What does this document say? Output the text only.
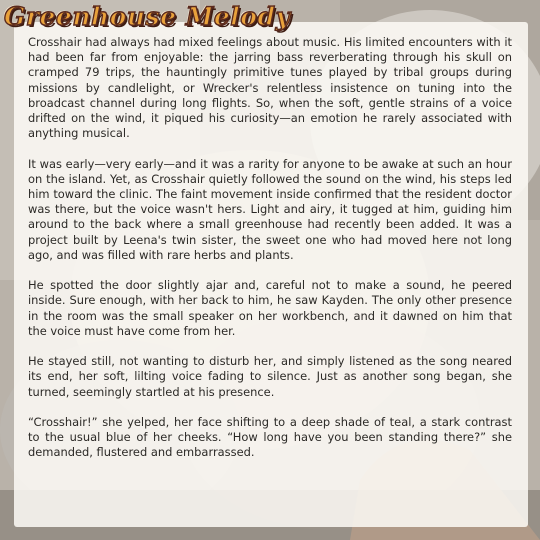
Greenhouse Melody

Crosshair had always had mixed feelings about music. His limited encounters with it had been far from enjoyable: the jarring bass reverberating through his skull on cramped 79 trips, the hauntingly primitive tunes played by tribal groups during missions by candlelight, or Wrecker's relentless insistence on tuning into the broadcast channel during long flights. So, when the soft, gentle strains of a voice drifted on the wind, it piqued his curiosity—an emotion he rarely associated with anything musical.

It was early—very early—and it was a rarity for anyone to be awake at such an hour on the island. Yet, as Crosshair quietly followed the sound on the wind, his steps led him toward the clinic. The faint movement inside confirmed that the resident doctor was there, but the voice wasn't hers. Light and airy, it tugged at him, guiding him around to the back where a small greenhouse had recently been added. It was a project built by Leena's twin sister, the sweet one who had moved here not long ago, and was filled with rare herbs and plants.

He spotted the door slightly ajar and, careful not to make a sound, he peered inside. Sure enough, with her back to him, he saw Kayden. The only other presence in the room was the small speaker on her workbench, and it dawned on him that the voice must have come from her.

He stayed still, not wanting to disturb her, and simply listened as the song neared its end, her soft, lilting voice fading to silence. Just as another song began, she turned, seemingly startled at his presence.

“Crosshair!” she yelped, her face shifting to a deep shade of teal, a stark contrast to the usual blue of her cheeks. “How long have you been standing there?” she demanded, flustered and embarrassed.
